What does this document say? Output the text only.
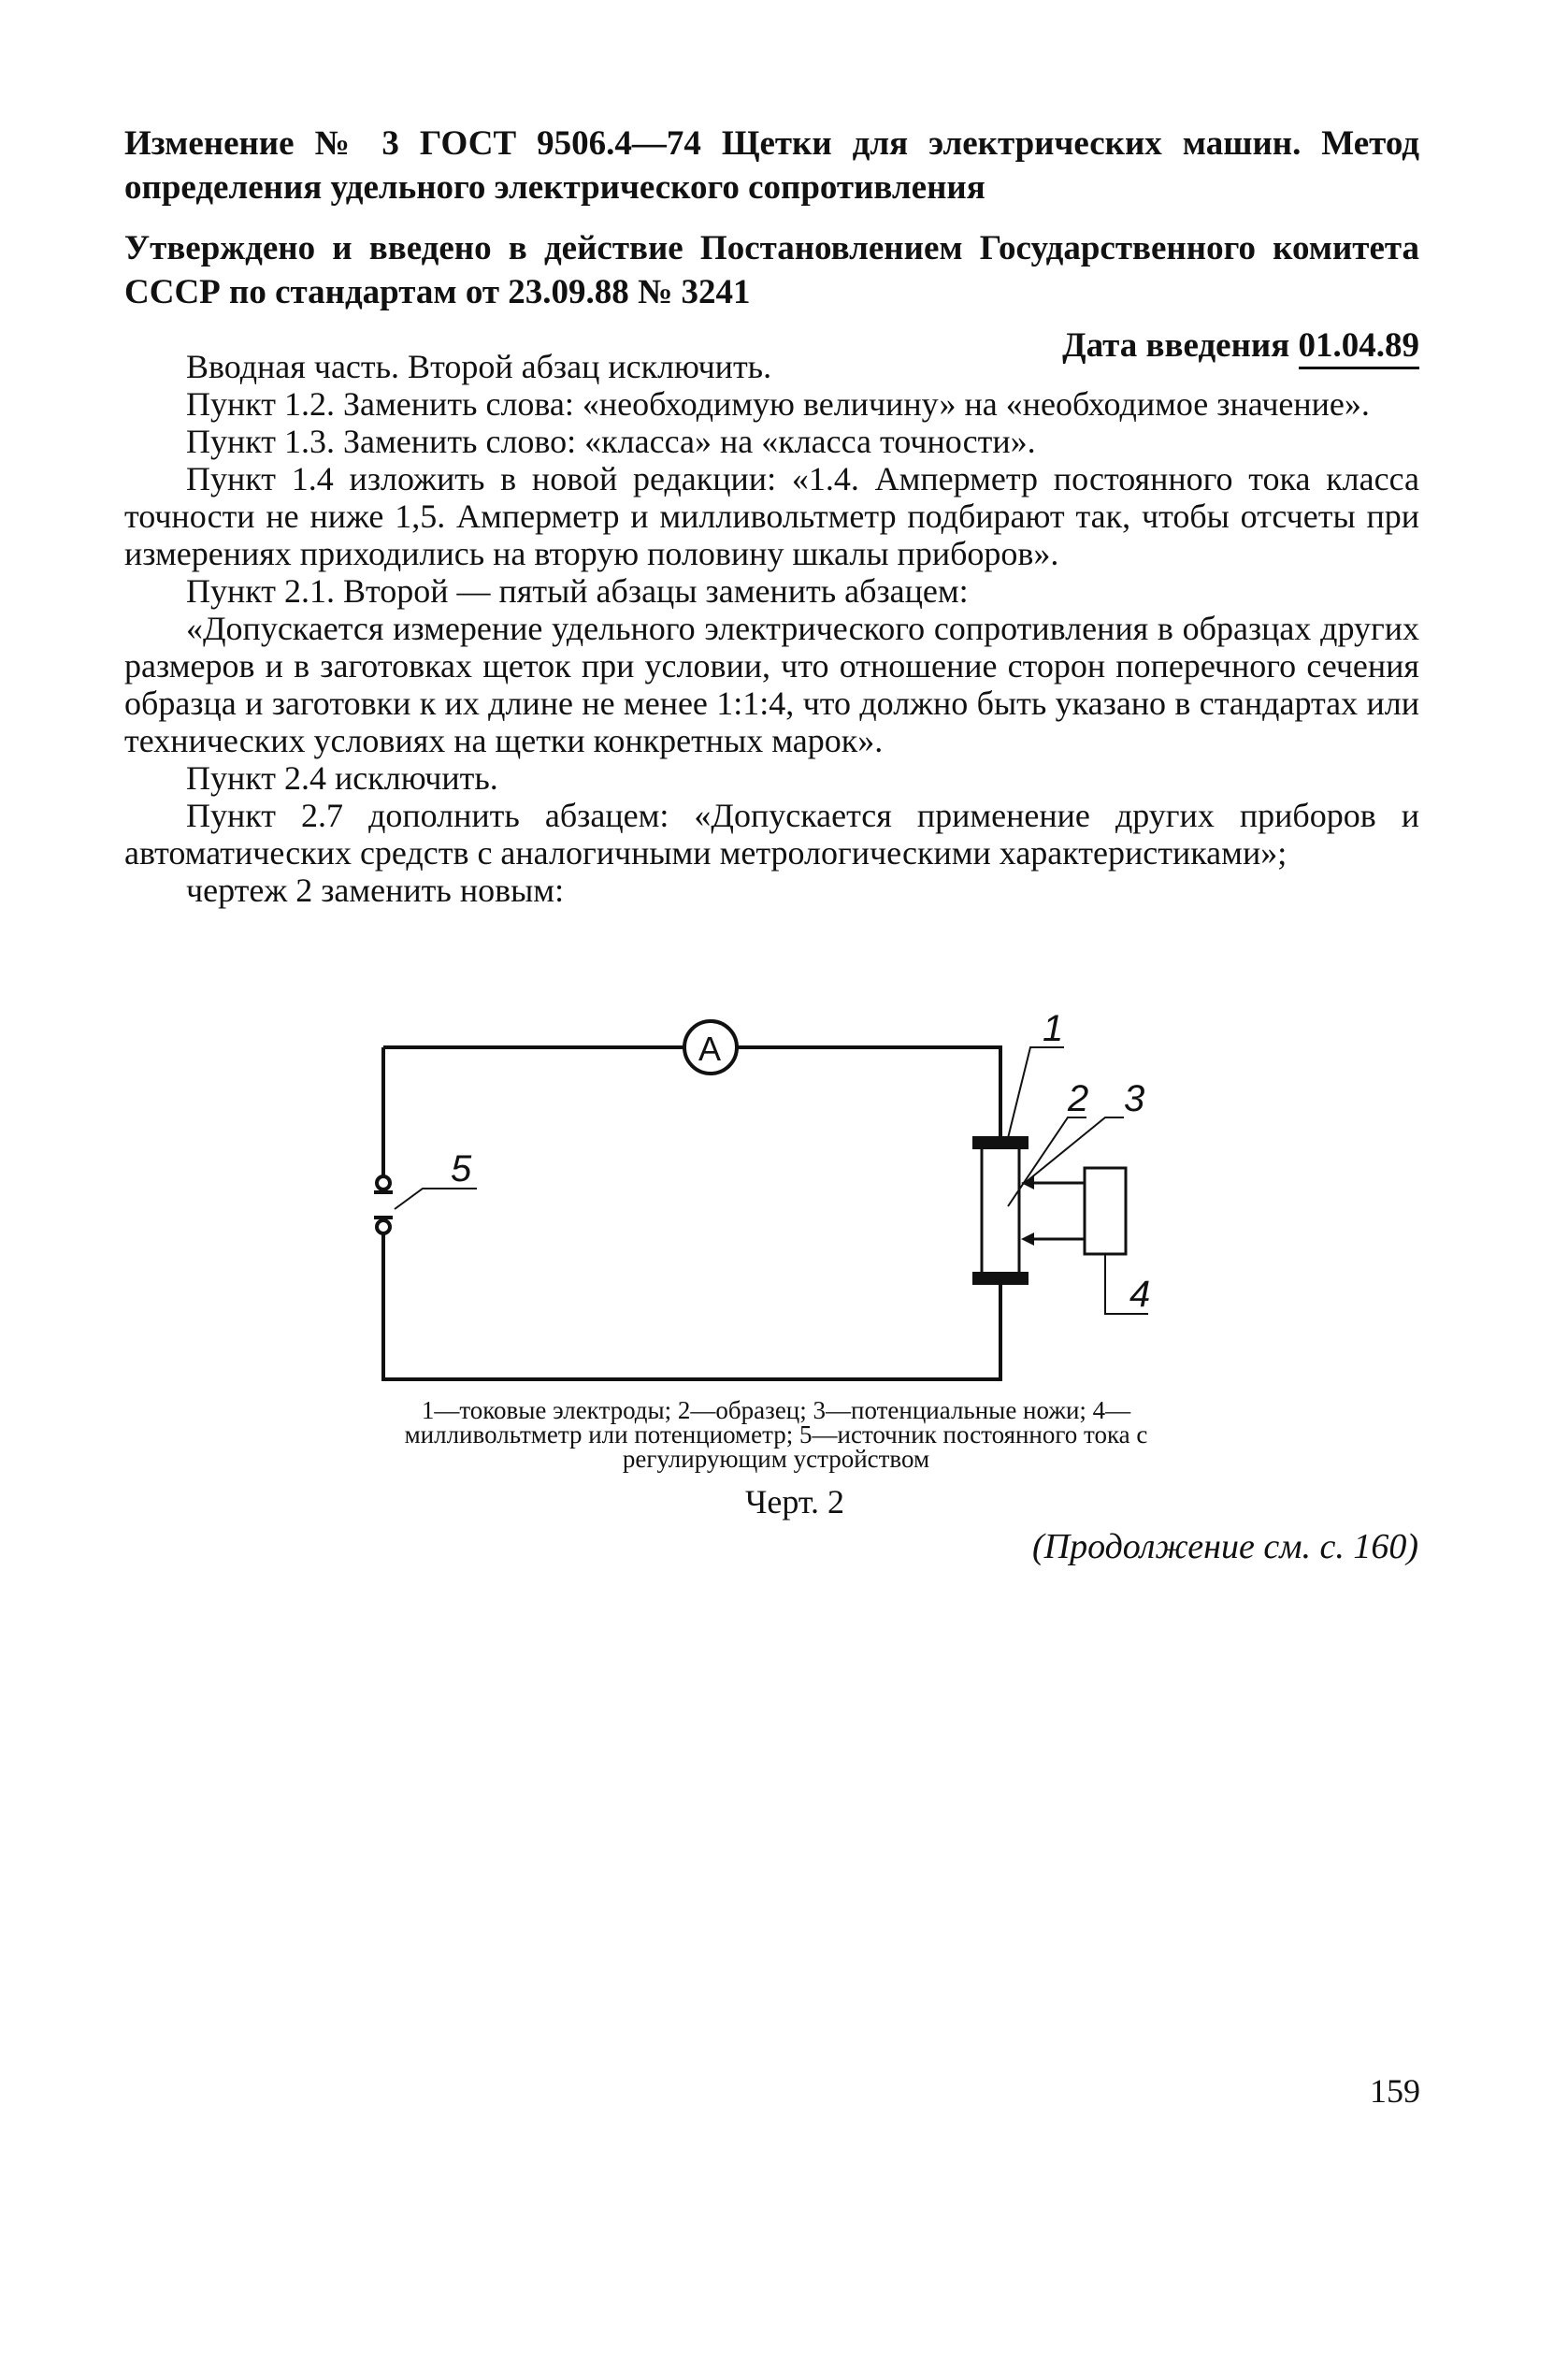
Изменение № 3 ГОСТ 9506.4—74 Щетки для электрических машин. Метод определения удельного электрического сопротивления

Утверждено и введено в действие Постановлением Государственного комитета СССР по стандартам от 23.09.88 № 3241

Дата введения 01.04.89

Вводная часть. Второй абзац исключить.

Пункт 1.2. Заменить слова: «необходимую величину» на «необходимое значение».

Пункт 1.3. Заменить слово: «класса» на «класса точности».

Пункт 1.4 изложить в новой редакции: «1.4. Амперметр постоянного тока класса точности не ниже 1,5. Амперметр и милливольтметр подбирают так, чтобы отсчеты при измерениях приходились на вторую половину шкалы приборов».

Пункт 2.1. Второй — пятый абзацы заменить абзацем:

«Допускается измерение удельного электрического сопротивления в образцах других размеров и в заготовках щеток при условии, что отношение сторон поперечного сечения образца и заготовки к их длине не менее 1:1:4, что должно быть указано в стандартах или технических условиях на щетки конкретных марок».

Пункт 2.4 исключить.

Пункт 2.7 дополнить абзацем: «Допускается применение других приборов и автоматических средств с аналогичными метрологическими характеристиками»;

чертеж 2 заменить новым:

A	1
2 3
4
5
1—токовые электроды; 2—образец; 3—потенциальные ножи; 4—милливольтметр или потенциометр; 5—источник постоянного тока с регулирующим устройством
Черт. 2
(Продолжение см. с. 160)
159
